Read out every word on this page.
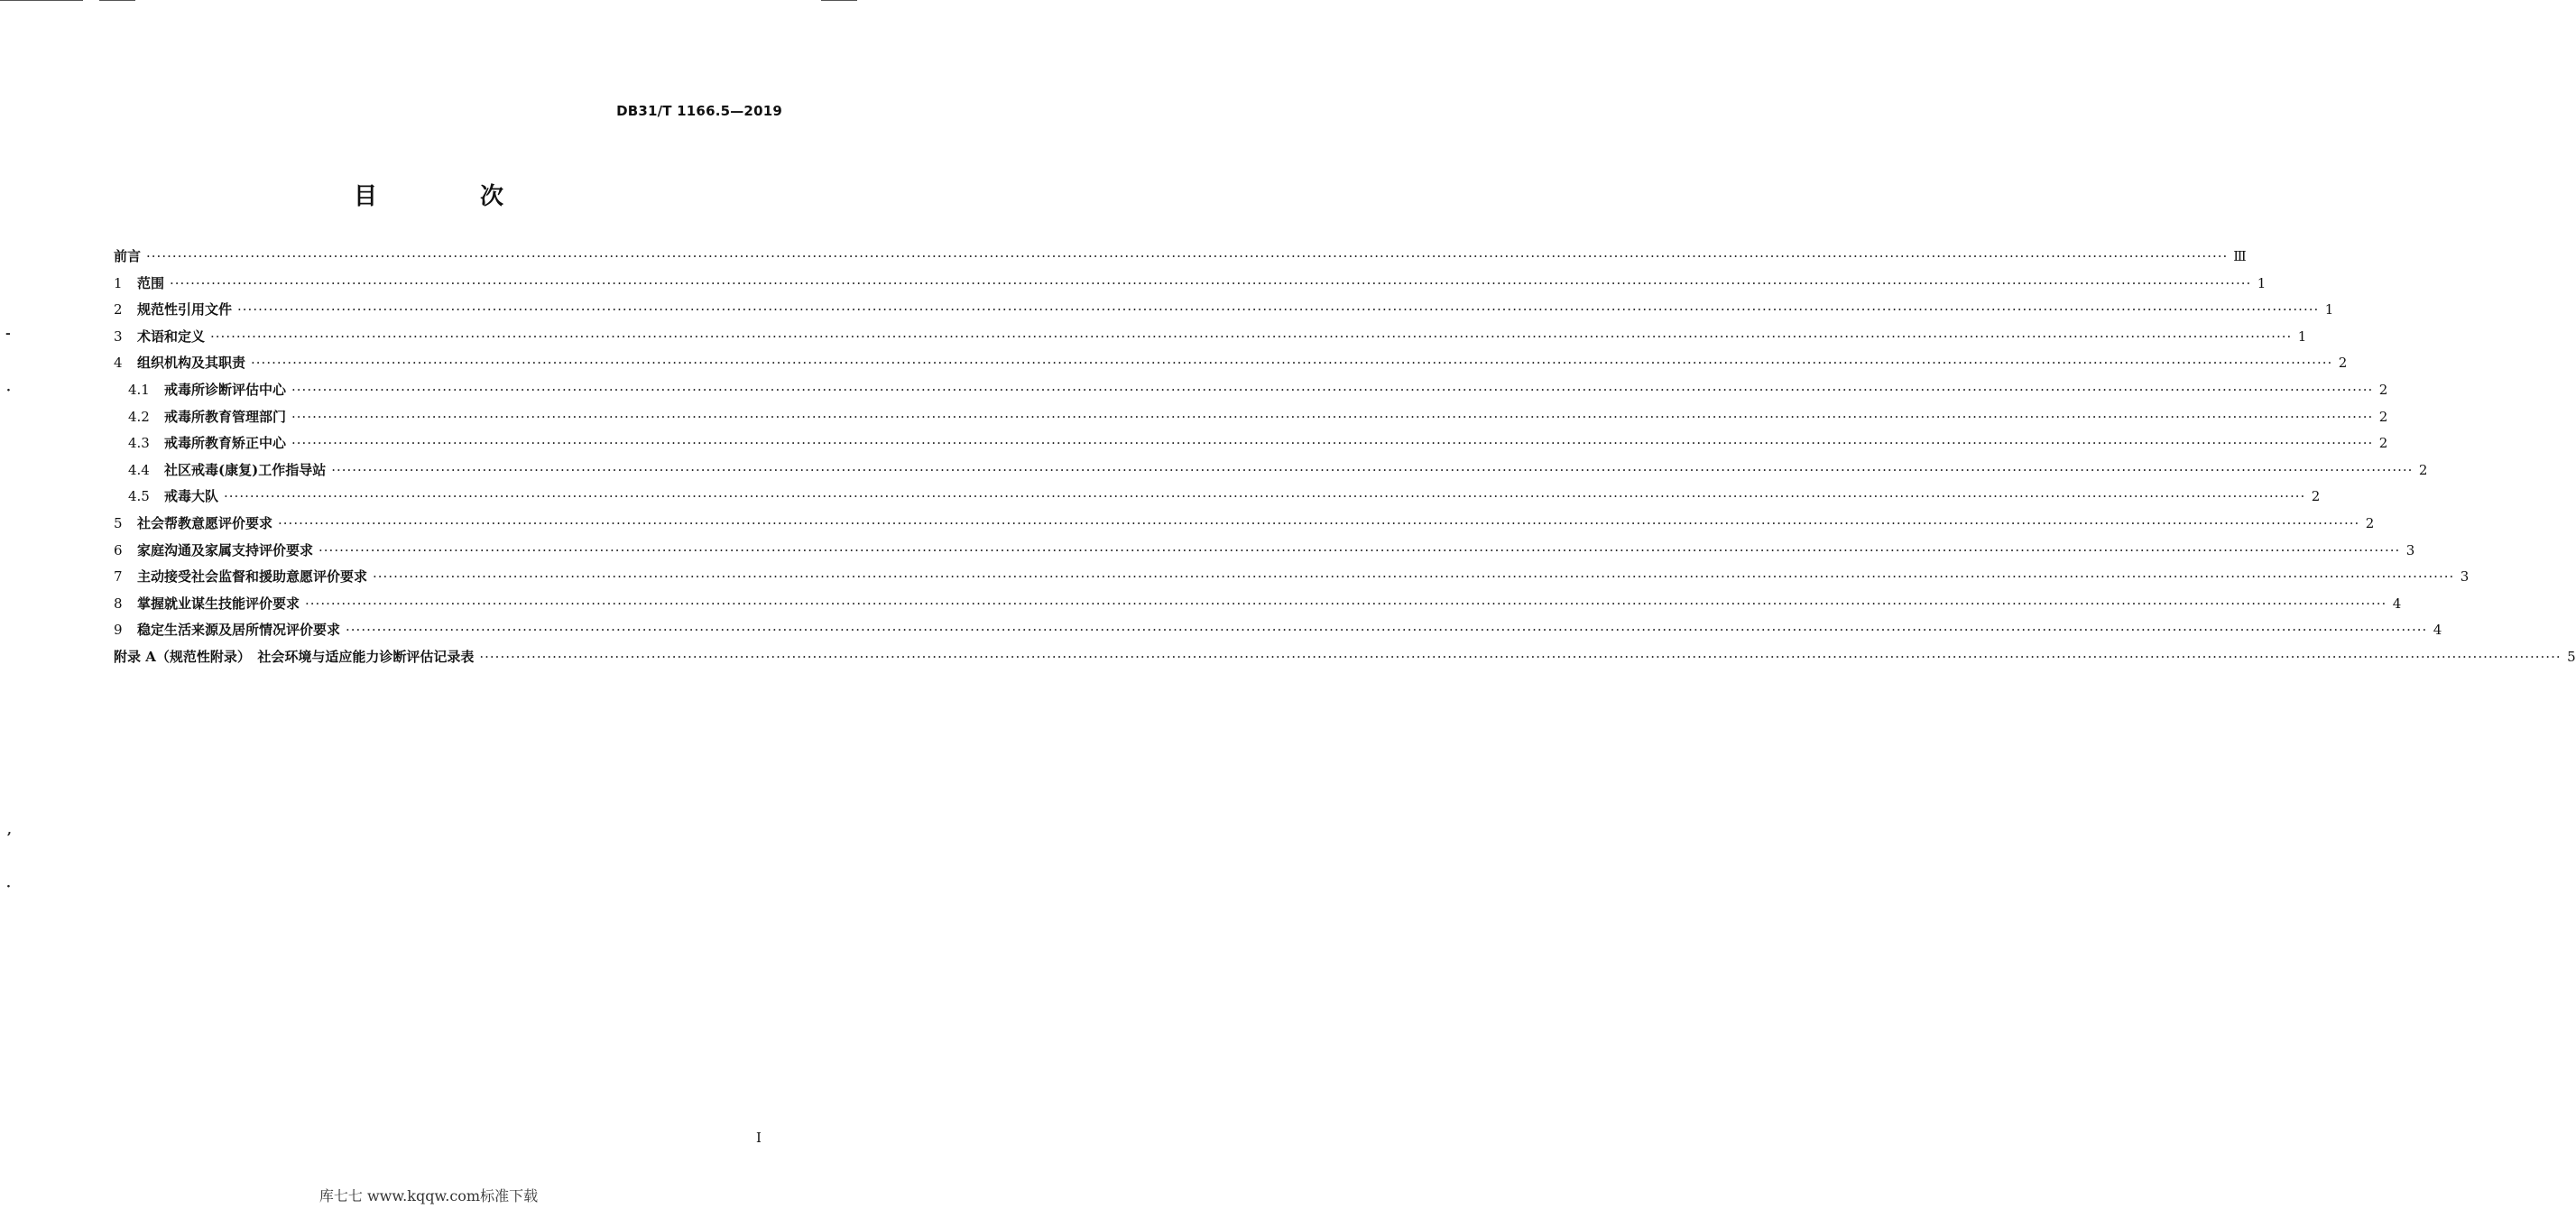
DB31/T 1166.5—2019
目　次
前言 ················································································································································································································································································································································································································ Ⅲ
1	范围 ················································································································································································································································································································································································································ 1
2	规范性引用文件 ················································································································································································································································································································································································································ 1
3	术语和定义 ················································································································································································································································································································································································································ 1
4	组织机构及其职责 ················································································································································································································································································································································································································ 2
4.1	戒毒所诊断评估中心 ················································································································································································································································································································································································································ 2
4.2	戒毒所教育管理部门 ················································································································································································································································································································································································································ 2
4.3	戒毒所教育矫正中心 ················································································································································································································································································································································································································ 2
4.4	社区戒毒(康复)工作指导站 ················································································································································································································································································································································································································ 2
4.5	戒毒大队 ················································································································································································································································································································································································································ 2
5	社会帮教意愿评价要求 ················································································································································································································································································································································································································ 2
6	家庭沟通及家属支持评价要求 ················································································································································································································································································································································································································ 3
7	主动接受社会监督和援助意愿评价要求 ················································································································································································································································································································································································································ 3
8	掌握就业谋生技能评价要求 ················································································································································································································································································································································································································ 4
9	稳定生活来源及居所情况评价要求 ················································································································································································································································································································································································································ 4
附录 A（规范性附录）　社会环境与适应能力诊断评估记录表 ················································································································································································································································································································································································································ 5
-
·
,
·
I
库七七 www.kqqw.com标准下载
